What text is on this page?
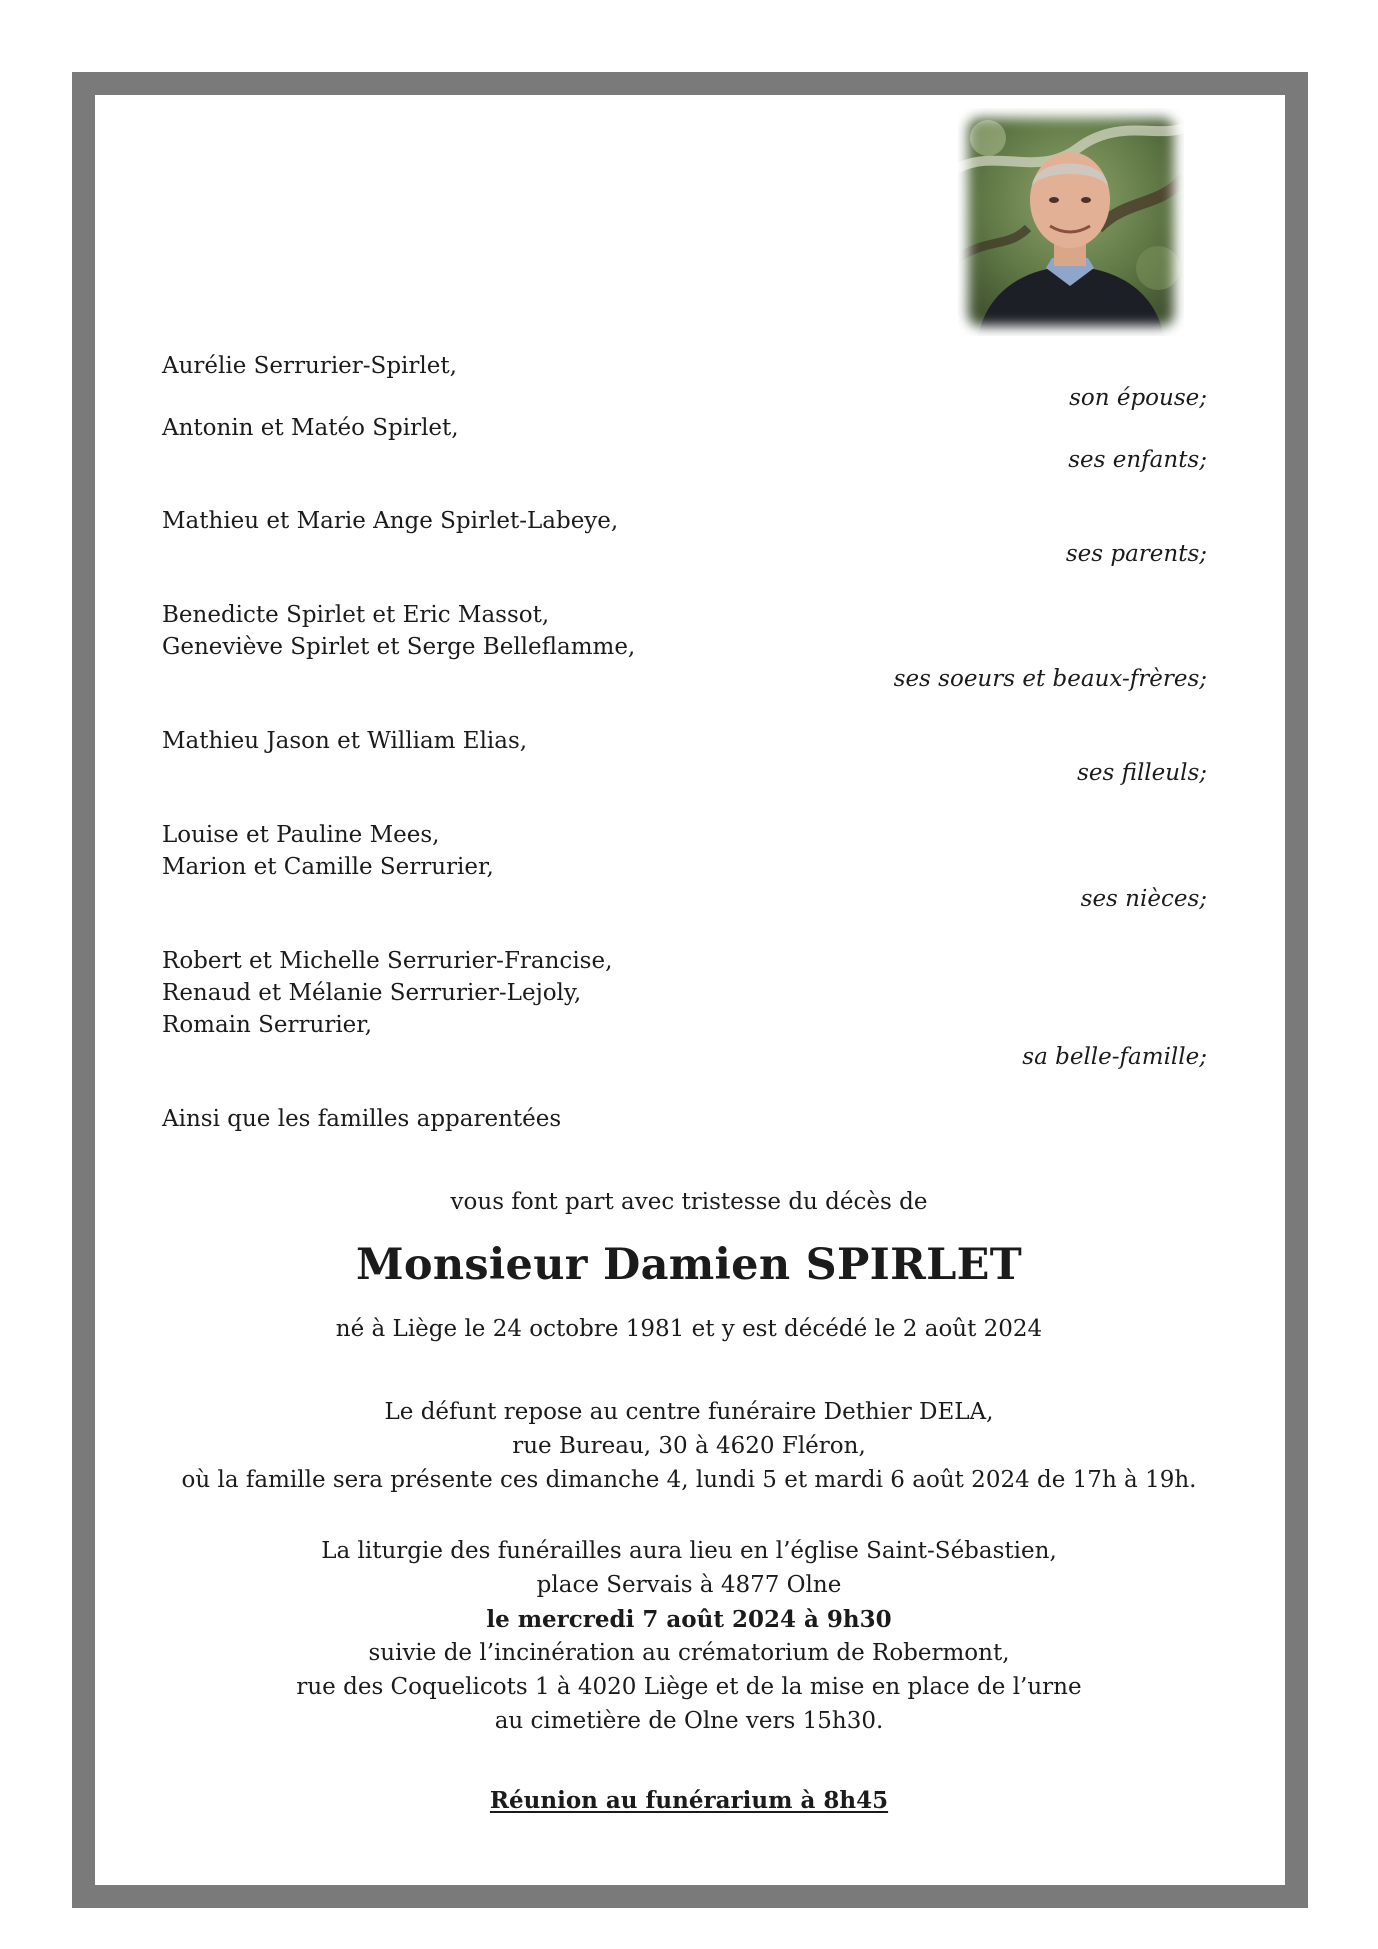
Aurélie Serrurier-Spirlet,
son épouse;
Antonin et Matéo Spirlet,
ses enfants;
Mathieu et Marie Ange Spirlet-Labeye,
ses parents;
Benedicte Spirlet et Eric Massot,
Geneviève Spirlet et Serge Belleflamme,
ses soeurs et beaux-frères;
Mathieu Jason et William Elias,
ses filleuls;
Louise et Pauline Mees,
Marion et Camille Serrurier,
ses nièces;
Robert et Michelle Serrurier-Francise,
Renaud et Mélanie Serrurier-Lejoly,
Romain Serrurier,
sa belle-famille;
Ainsi que les familles apparentées
vous font part avec tristesse du décès de
Monsieur Damien SPIRLET
né à Liège le 24 octobre 1981 et y est décédé le 2 août 2024
Le défunt repose au centre funéraire Dethier DELA,
rue Bureau, 30 à 4620 Fléron,
où la famille sera présente ces dimanche 4, lundi 5 et mardi 6 août 2024 de 17h à 19h.
La liturgie des funérailles aura lieu en l’église Saint-Sébastien,
place Servais à 4877 Olne
le mercredi 7 août 2024 à 9h30
suivie de l’incinération au crématorium de Robermont,
rue des Coquelicots 1 à 4020 Liège et de la mise en place de l’urne
au cimetière de Olne vers 15h30.
Réunion au funérarium à 8h45
